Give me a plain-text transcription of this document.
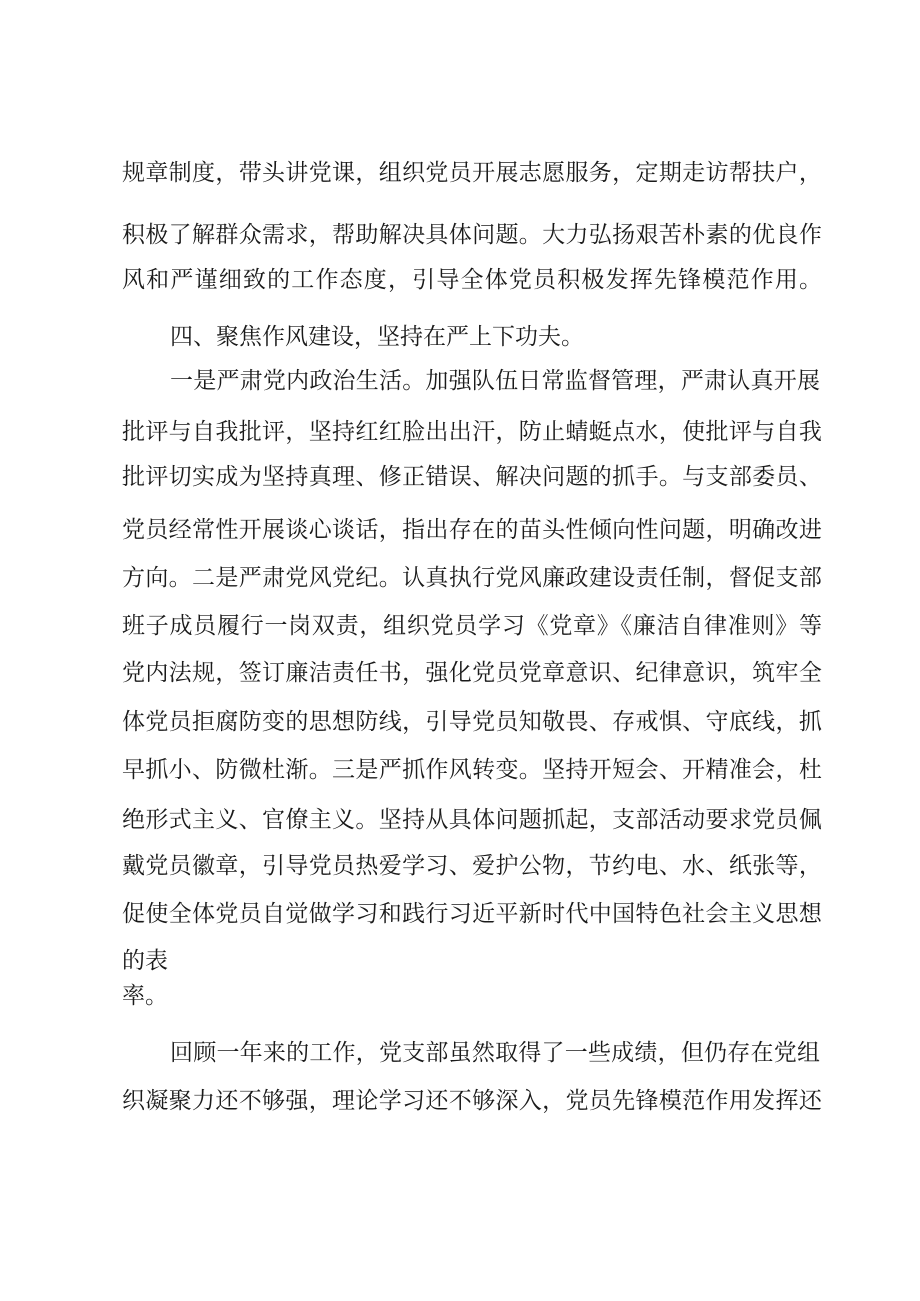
规章制度，带头讲党课，组织党员开展志愿服务，定期走访帮扶户，
积极了解群众需求，帮助解决具体问题。大力弘扬艰苦朴素的优良作
风和严谨细致的工作态度，引导全体党员积极发挥先锋模范作用。
四、聚焦作风建设，坚持在严上下功夫。
一是严肃党内政治生活。加强队伍日常监督管理，严肃认真开展
批评与自我批评，坚持红红脸出出汗，防止蜻蜓点水，使批评与自我
批评切实成为坚持真理、修正错误、解决问题的抓手。与支部委员、
党员经常性开展谈心谈话，指出存在的苗头性倾向性问题，明确改进
方向。二是严肃党风党纪。认真执行党风廉政建设责任制，督促支部
班子成员履行一岗双责，组织党员学习《党章》《廉洁自律准则》等
党内法规，签订廉洁责任书，强化党员党章意识、纪律意识，筑牢全
体党员拒腐防变的思想防线，引导党员知敬畏、存戒惧、守底线，抓
早抓小、防微杜渐。三是严抓作风转变。坚持开短会、开精准会，杜
绝形式主义、官僚主义。坚持从具体问题抓起，支部活动要求党员佩
戴党员徽章，引导党员热爱学习、爱护公物，节约电、水、纸张等，
促使全体党员自觉做学习和践行习近平新时代中国特色社会主义思想
的表
率。
回顾一年来的工作，党支部虽然取得了一些成绩，但仍存在党组
织凝聚力还不够强，理论学习还不够深入，党员先锋模范作用发挥还
